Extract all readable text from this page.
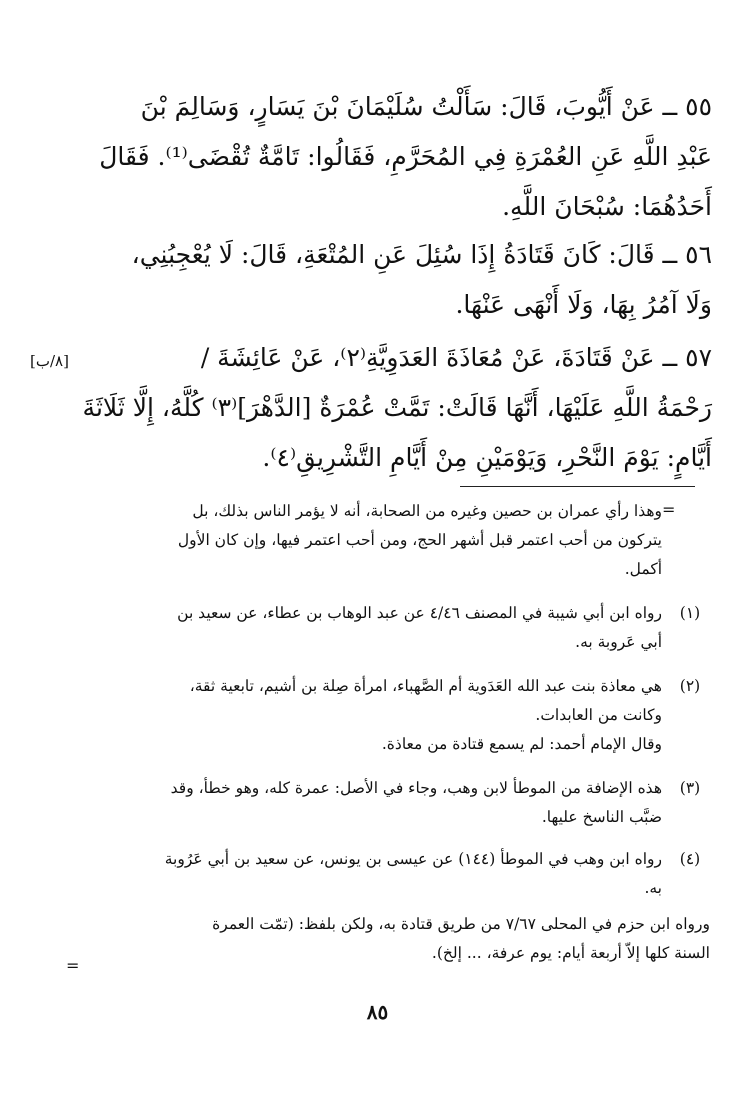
٥٥ ــ عَنْ أَيُّوبَ، قَالَ: سَأَلْتُ سُلَيْمَانَ بْنَ يَسَارٍ، وَسَالِمَ بْنَ
عَبْدِ اللَّهِ عَنِ العُمْرَةِ فِي المُحَرَّمِ، فَقَالُوا: تَامَّةٌ تُقْضَى⁽¹⁾. فَقَالَ
أَحَدُهُمَا: سُبْحَانَ اللَّهِ.
٥٦ ــ قَالَ: كَانَ قَتَادَةُ إِذَا سُئِلَ عَنِ المُتْعَةِ، قَالَ: لَا يُعْجِبُنِي،
وَلَا آمُرُ بِهَا، وَلَا أَنْهَى عَنْهَا.
٥٧ ــ عَنْ قَتَادَةَ، عَنْ مُعَاذَةَ العَدَوِيَّةِ⁽٢⁾، عَنْ عَائِشَةَ /
رَحْمَةُ اللَّهِ عَلَيْهَا، أَنَّهَا قَالَتْ: تَمَّتْ عُمْرَةٌ [الدَّهْرَ]⁽٣⁾ كُلَّهُ، إِلَّا ثَلَاثَةَ
أَيَّامٍ: يَوْمَ النَّحْرِ، وَيَوْمَيْنِ مِنْ أَيَّامِ التَّشْرِيقِ⁽٤⁾.
[٨/ب]
=
وهذا رأي عمران بن حصين وغيره من الصحابة، أنه لا يؤمر الناس بذلك، بل
يتركون من أحب اعتمر قبل أشهر الحج، ومن أحب اعتمر فيها، وإن كان الأول
أكمل.
(١)
رواه ابن أبي شيبة في المصنف ٤/٤٦ عن عبد الوهاب بن عطاء، عن سعيد بن
أبي عَروبة به.
(٢)
هي معاذة بنت عبد الله العَدَوية أم الصَّهباء، امرأة صِلة بن أشيم، تابعية ثقة،
وكانت من العابدات.
وقال الإمام أحمد: لم يسمع قتادة من معاذة.
(٣)
هذه الإضافة من الموطأ لابن وهب، وجاء في الأصل: عمرة كله، وهو خطأ، وقد
ضبَّب الناسخ عليها.
(٤)
رواه ابن وهب في الموطأ (١٤٤) عن عيسى بن يونس، عن سعيد بن أبي عَرُوبة
به.
ورواه ابن حزم في المحلى ٧/٦٧ من طريق قتادة به، ولكن بلفظ: (تمّت العمرة
السنة كلها إلاّ أربعة أيام: يوم عرفة، ... إلخ).
=
٨٥
